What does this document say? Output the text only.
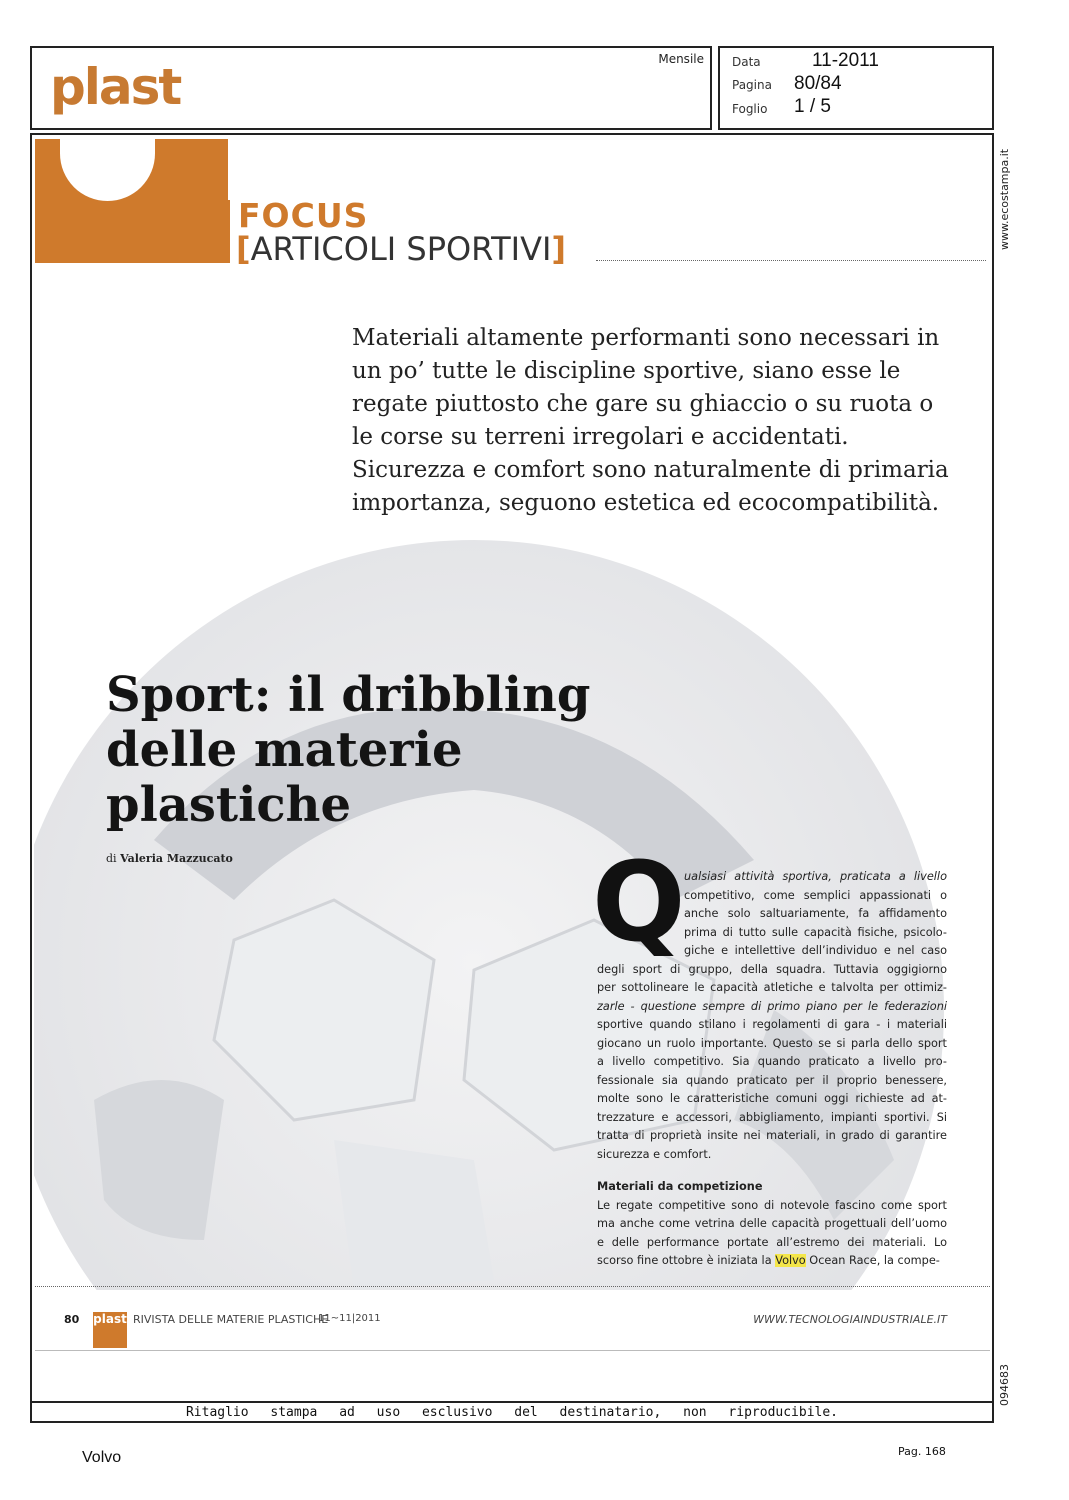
Mensile
plast	Data	11-2011
Pagina 80/84
Foglio 1 / 5
www.ecostampa.it
094683
FOCUS
[ARTICOLI SPORTIVI]
Materiali altamente performanti sono necessari in un po’ tutte le discipline sportive, siano esse le regate piuttosto che gare su ghiaccio o su ruota o le corse su terreni irregolari e accidentati. Sicurezza e comfort sono naturalmente di primaria importanza, seguono estetica ed ecocompatibilità.
Sport: il dribbling delle materie plastiche
di Valeria Mazzucato	Q
ualsiasi attività sportiva, praticata a livello
competitivo, come semplici appassionati o
anche solo saltuariamente, fa affidamento
prima di tutto sulle capacità fisiche, psicolo-
giche e intellettive dell’individuo e nel caso
degli sport di gruppo, della squadra. Tuttavia oggigiorno
per sottolineare le capacità atletiche e talvolta per ottimiz-
zarle - questione sempre di primo piano per le federazioni
sportive quando stilano i regolamenti di gara - i materiali
giocano un ruolo importante. Questo se si parla dello sport
a livello competitivo. Sia quando praticato a livello pro-
fessionale sia quando praticato per il proprio benessere,
molte sono le caratteristiche comuni oggi richieste ad at-
trezzature e accessori, abbigliamento, impianti sportivi. Si
tratta di proprietà insite nei materiali, in grado di garantire
sicurezza e comfort.
Materiali da competizione
Le regate competitive sono di notevole fascino come sport
ma anche come vetrina delle capacità progettuali dell’uomo
e delle performance portate all’estremo dei materiali. Lo
scorso fine ottobre è iniziata la Volvo Ocean Race, la compe-
80 plast RIVISTA DELLE MATERIE PLASTICHE
11~11|2011	WWW.TECNOLOGIAINDUSTRIALE.IT
Ritaglio stampa ad uso esclusivo del destinatario, non riproducibile.
Volvo	Pag. 168
